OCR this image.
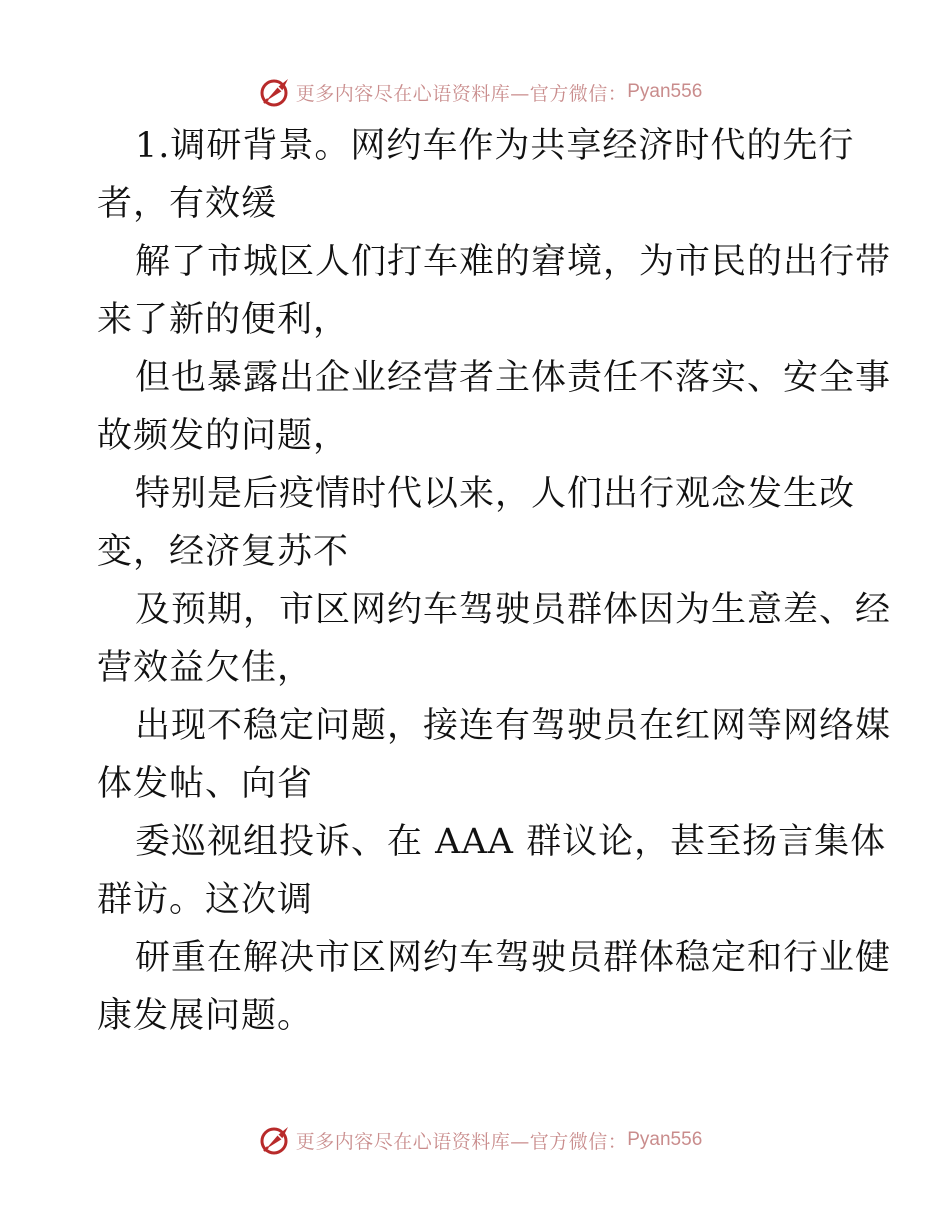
更多内容尽在心语资料库—官方微信： Pyan556
1.调研背景。网约车作为共享经济时代的先行
者，有效缓
解了市城区人们打车难的窘境，为市民的出行带
来了新的便利，
但也暴露出企业经营者主体责任不落实、安全事
故频发的问题，
特别是后疫情时代以来，人们出行观念发生改
变，经济复苏不
及预期，市区网约车驾驶员群体因为生意差、经
营效益欠佳，
出现不稳定问题，接连有驾驶员在红网等网络媒
体发帖、向省
委巡视组投诉、在 AAA 群议论，甚至扬言集体
群访。这次调
研重在解决市区网约车驾驶员群体稳定和行业健
康发展问题。
更多内容尽在心语资料库—官方微信： Pyan556
